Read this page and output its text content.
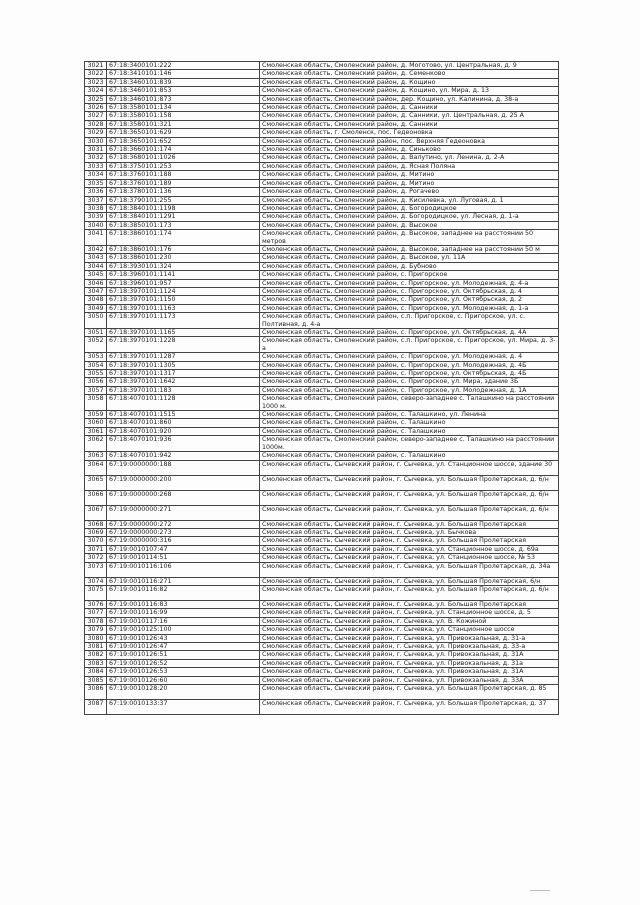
3021	67:18:3400101:222	Смоленская область, Смоленский район, д. Моготово, ул. Центральная, д. 9
3022	67:18:3410101:146	Смоленская область, Смоленский район, д. Семенково
3023	67:18:3460101:839	Смоленская область, Смоленский район, д. Кощино
3024	67:18:3460101:853	Смоленская область, Смоленский район, д. Кощино, ул. Мира, д. 13
3025	67:18:3460101:873	Смоленская область, Смоленский район, дер. Кощино, ул. Калинина, д. 38-а
3026	67:18:3580101:134	Смоленская область, Смоленский район, д. Санники
3027	67:18:3580101:158	Смоленская область, Смоленский район, д. Санники, ул. Центральная, д. 25 А
3028	67:18:3580101:321	Смоленская область, Смоленский район, д. Санники
3029	67:18:3650101:629	Смоленская область, г. Смоленск, пос. Гедеоновка
3030	67:18:3650101:652	Смоленская область, Смоленский район, пос. Верхняя Гедеоновка
3031	67:18:3660101:174	Смоленская область, Смоленский район, д. Синьково
3032	67:18:3680101:1026	Смоленская область, Смоленский район, д. Валутино, ул. Ленина, д. 2-А
3033	67:18:3750101:253	Смоленская область, Смоленский район, д. Ясная Поляна
3034	67:18:3760101:188	Смоленская область, Смоленский район, д. Митино
3035	67:18:3760101:189	Смоленская область, Смоленский район, д. Митино
3036	67:18:3780101:136	Смоленская область, Смоленский район, д. Рогачево
3037	67:18:3790101:255	Смоленская область, Смоленский район, д. Кисилевка, ул. Луговая, д. 1
3038	67:18:3840101:1198	Смоленская область, Смоленский район, д. Богородицкое
3039	67:18:3840101:1291	Смоленская область, Смоленский район, д. Богородицкое, ул. Лесная, д. 1-а
3040	67:18:3850101:173	Смоленская область, Смоленский район, д. Высокое
3041	67:18:3860101:174	Смоленская область, Смоленский район, д. Высокое, западнее на расстоянии 50 метров
3042	67:18:3860101:176	Смоленская область, Смоленский район, д. Высокое, западнее на расстоянии 50 м
3043	67:18:3860101:230	Смоленская область, Смоленский район, д. Высокое, ул. 11А
3044	67:18:3930101:324	Смоленская область, Смоленский район, д. Бубново
3045	67:18:3960101:1141	Смоленская область, Смоленский район, с. Пригорское
3046	67:18:3960101:957	Смоленская область, Смоленский район, с. Пригорское, ул. Молодежная, д. 4-а
3047	67:18:3970101:1124	Смоленская область, Смоленский район, с. Пригорское, ул. Октябрьская, д. 4
3048	67:18:3970101:1150	Смоленская область, Смоленский район, с. Пригорское, ул. Октябрьская, д. 2
3049	67:18:3970101:1163	Смоленская область, Смоленский район, с. Пригорское, ул. Молодежная, д. 1-а
3050	67:18:3970101:1173	Смоленская область, Смоленский район, с.п. Пригорское, с. Пригорское, ул. с. Полтивная, д. 4-а
3051	67:18:3970101:1165	Смоленская область, Смоленский район, с. Пригорское, ул. Октябрьская, д. 4А
3052	67:18:3970101:1228	Смоленская область, Смоленский район, с.п. Пригорское, с. Пригорское, ул. Мира, д. 3-а
3053	67:18:3970101:1287	Смоленская область, Смоленский район, с. Пригорское, ул. Молодежная, д. 4
3054	67:18:3970101:1305	Смоленская область, Смоленский район, с. Пригорское, ул. Молодежная, д. 4Б
3055	67:18:3970101:1317	Смоленская область, Смоленский район, с. Пригорское, ул. Октябрьская, д. 4Б
3056	67:18:3970101:1642	Смоленская область, Смоленский район, с. Пригорское, ул. Мира, здание 3Б
3057	67:18:3970101:183	Смоленская область, Смоленский район, с. Пригорское, ул. Молодежная, д. 1А
3058	67:18:4070101:1128	Смоленская область, Смоленский район, северо-западнее с. Талашкино на расстоянии 1000 м.
3059	67:18:4070101:1515	Смоленская область, Смоленский район, с. Талашкино, ул. Ленина
3060	67:18:4070101:860	Смоленская область, Смоленский район, с. Талашкино
3061	67:18:4070101:920	Смоленская область, Смоленский район, с. Талашкино
3062	67:18:4070101:936	Смоленская область, Смоленский район, северо-западнее с. Талашкино на расстоянии 1000м.
3063	67:18:4070101:942	Смоленская область, Смоленский район, с. Талашкино
3064	67:19:0000000:188	Смоленская область, Сычевский район, г. Сычевка, ул. Станционное шоссе, здание 30
3065	67:19:0000000:200	Смоленская область, Сычевский район, г. Сычевка, ул. Большая Пролетарская, д. 6/н
3066	67:19:0000000:268	Смоленская область, Сычевский район, г. Сычевка, ул. Большая Пролетарская, д. 6/н
3067	67:19:0000000:271	Смоленская область, Сычевский район, г. Сычевка, ул. Большая Пролетарская, д. 6/н
3068	67:19:0000000:272	Смоленская область, Сычевский район, г. Сычевка, ул. Большая Пролетарская
3069	67:19:0000000:273	Смоленская область, Сычевский район, г. Сычевка, ул. Бычкова
3070	67:19:0000000:316	Смоленская область, Сычевский район, г. Сычевка, ул. Большая Пролетарская
3071	67:19:0010107:47	Смоленская область, Сычевский район, г. Сычевка, ул. Станционное шоссе, д. 69а
3072	67:19:0010114:51	Смоленская область, Сычевский район, г. Сычевка, ул. Станционное шоссе, № 53
3073	67:19:0010116:106	Смоленская область, Сычевский район, г. Сычевка, ул. Большая Пролетарская, д. 34а
3074	67:19:0010116:271	Смоленская область, Сычевский район, г. Сычевка, ул. Большая Пролетарская, 6/н
3075	67:19:0010116:82	Смоленская область, Сычевский район, г. Сычевка, ул. Большая Пролетарская, д. 6/н
3076	67:19:0010116:83	Смоленская область, Сычевский район, г. Сычевка, ул. Большая Пролетарская
3077	67:19:0010116:99	Смоленская область, Сычевский район, г. Сычевка, ул. Станционное шоссе, д. 5
3078	67:19:0010117:16	Смоленская область, Сычевский район, г. Сычевка, ул. В. Кожиной
3079	67:19:0010125:100	Смоленская область, Сычевский район, г. Сычевка, ул. Станционное шоссе
3080	67:19:0010126:43	Смоленская область, Сычевский район, г. Сычевка, ул. Привокзальная, д. 31-а
3081	67:19:0010126:47	Смоленская область, Сычевский район, г. Сычевка, ул. Привокзальная, д. 33-а
3082	67:19:0010126:51	Смоленская область, Сычевский район, г. Сычевка, ул. Привокзальная, д. 31А
3083	67:19:0010126:52	Смоленская область, Сычевский район, г. Сычевка, ул. Привокзальная, д. 31а
3084	67:19:0010126:53	Смоленская область, Сычевский район, г. Сычевка, ул. Привокзальная, д. 31А
3085	67:19:0010126:60	Смоленская область, Сычевский район, г. Сычевка, ул. Привокзальная, д. 33А
3086	67:19:0010128:20	Смоленская область, Сычевский район, г. Сычевка, ул. Большая Пролетарская, д. 85
3087	67:19:0010133:37	Смоленская область, Сычевский район, г. Сычевка, ул. Большая Пролетарская, д. 37
